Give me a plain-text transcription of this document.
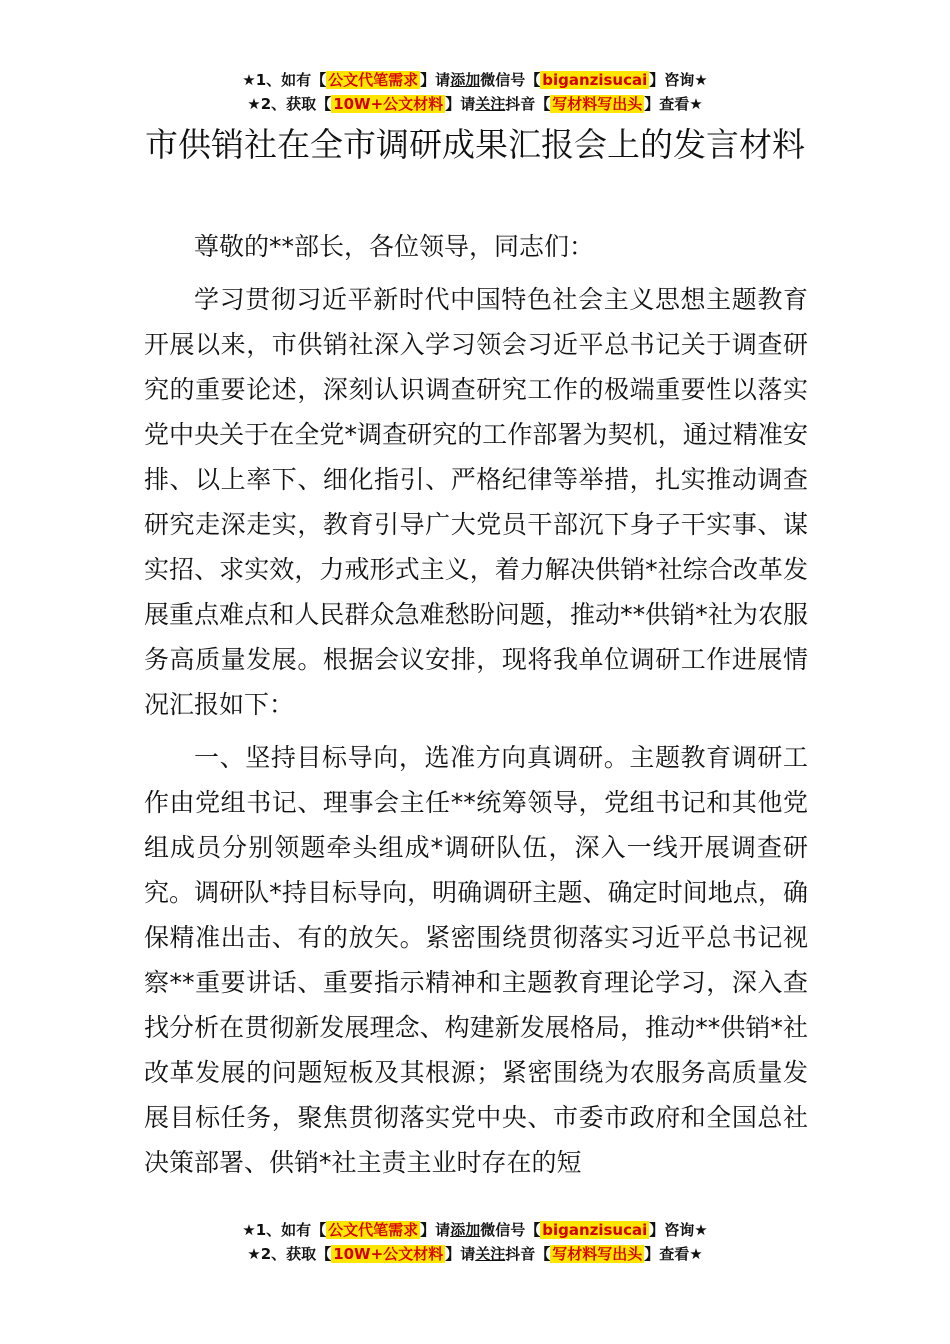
★1、如有【 公文代笔需求 】请添加微信号【 biganzisucai 】咨询★
★2、获取【 10W+公文材料 】请关注抖音【 写材料写出头 】查看★
市供销社在全市调研成果汇报会上的发言材料

尊敬的**部长，各位领导，同志们：

学习贯彻习近平新时代中国特色社会主义思想主题教育开展以来，市供销社深入学习领会习近平总书记关于调查研究的重要论述，深刻认识调查研究工作的极端重要性以落实党中央关于在全党*调查研究的工作部署为契机，通过精准安排、以上率下、细化指引、严格纪律等举措，扎实推动调查研究走深走实，教育引导广大党员干部沉下身子干实事、谋实招、求实效，力戒形式主义，着力解决供销*社综合改革发展重点难点和人民群众急难愁盼问题，推动**供销*社为农服务高质量发展。根据会议安排，现将我单位调研工作进展情况汇报如下：

一、坚持目标导向，选准方向真调研。主题教育调研工作由党组书记、理事会主任**统筹领导，党组书记和其他党组成员分别领题牵头组成*调研队伍，深入一线开展调查研究。调研队*持目标导向，明确调研主题、确定时间地点，确保精准出击、有的放矢。紧密围绕贯彻落实习近平总书记视察**重要讲话、重要指示精神和主题教育理论学习，深入查找分析在贯彻新发展理念、构建新发展格局，推动**供销*社改革发展的问题短板及其根源；紧密围绕为农服务高质量发展目标任务，聚焦贯彻落实党中央、市委市政府和全国总社决策部署、供销*社主责主业时存在的短

★1、如有【 公文代笔需求 】请添加微信号【 biganzisucai 】咨询★
★2、获取【 10W+公文材料 】请关注抖音【 写材料写出头 】查看★
